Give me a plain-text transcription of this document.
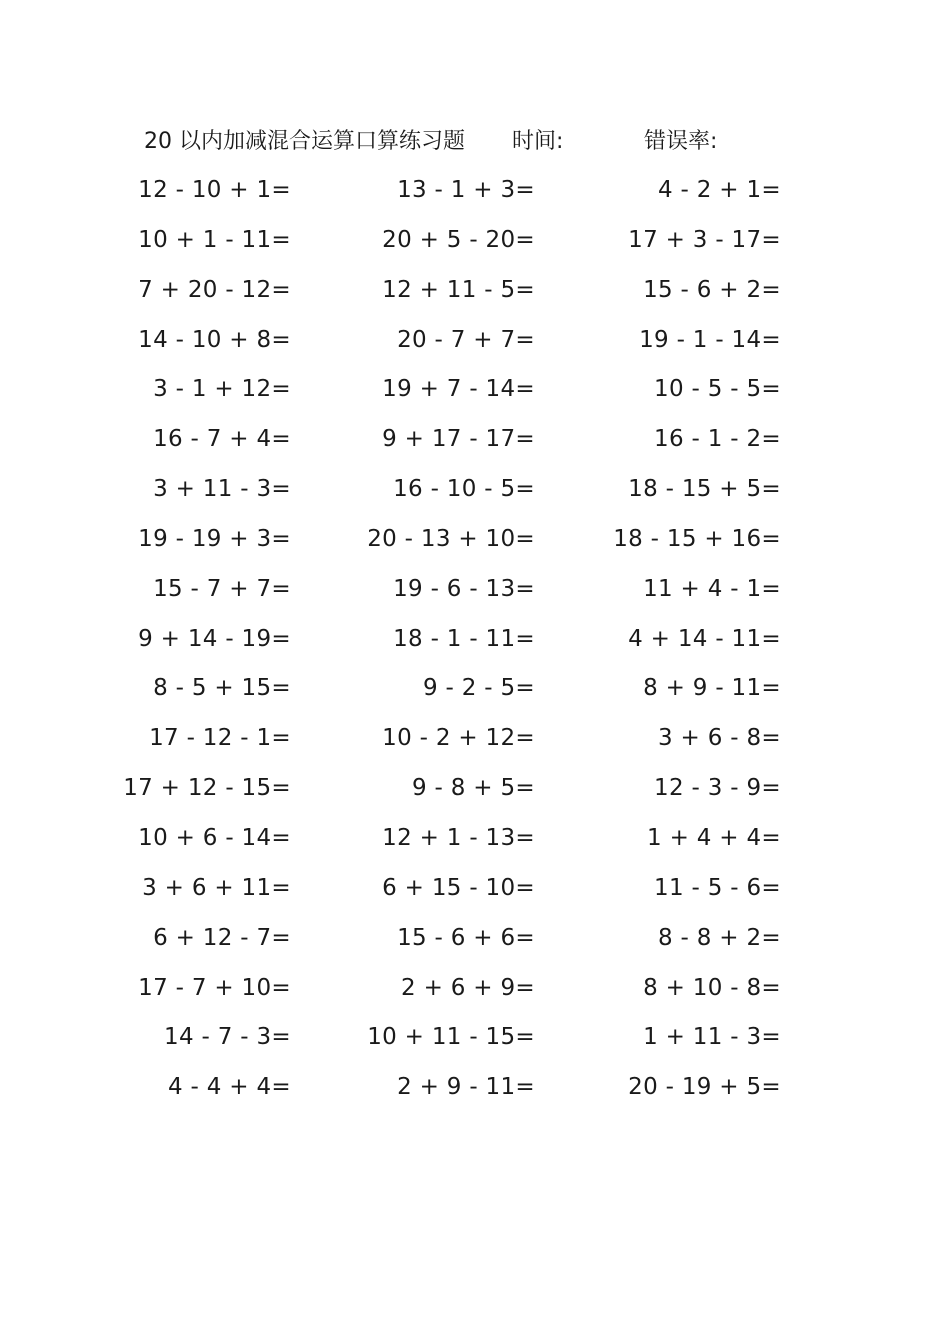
20 以内加减混合运算口算练习题 时间:	错误率:
12 - 10 + 1=	13 - 1 + 3=	4 - 2 + 1=
10 + 1 - 11=	20 + 5 - 20=	17 + 3 - 17=
7 + 20 - 12=	12 + 11 - 5=	15 - 6 + 2=
14 - 10 + 8=	20 - 7 + 7=	19 - 1 - 14=
3 - 1 + 12=	19 + 7 - 14=	10 - 5 - 5=
16 - 7 + 4=	9 + 17 - 17=	16 - 1 - 2=
3 + 11 - 3=	16 - 10 - 5=	18 - 15 + 5=
19 - 19 + 3=	20 - 13 + 10=	18 - 15 + 16=
15 - 7 + 7=	19 - 6 - 13=	11 + 4 - 1=
9 + 14 - 19=	18 - 1 - 11=	4 + 14 - 11=
8 - 5 + 15=	9 - 2 - 5=	8 + 9 - 11=
17 - 12 - 1=	10 - 2 + 12=	3 + 6 - 8=
17 + 12 - 15=	9 - 8 + 5=	12 - 3 - 9=
10 + 6 - 14=	12 + 1 - 13=	1 + 4 + 4=
3 + 6 + 11=	6 + 15 - 10=	11 - 5 - 6=
6 + 12 - 7=	15 - 6 + 6=	8 - 8 + 2=
17 - 7 + 10=	2 + 6 + 9=	8 + 10 - 8=
14 - 7 - 3=	10 + 11 - 15=	1 + 11 - 3=
4 - 4 + 4=	2 + 9 - 11=	20 - 19 + 5=
